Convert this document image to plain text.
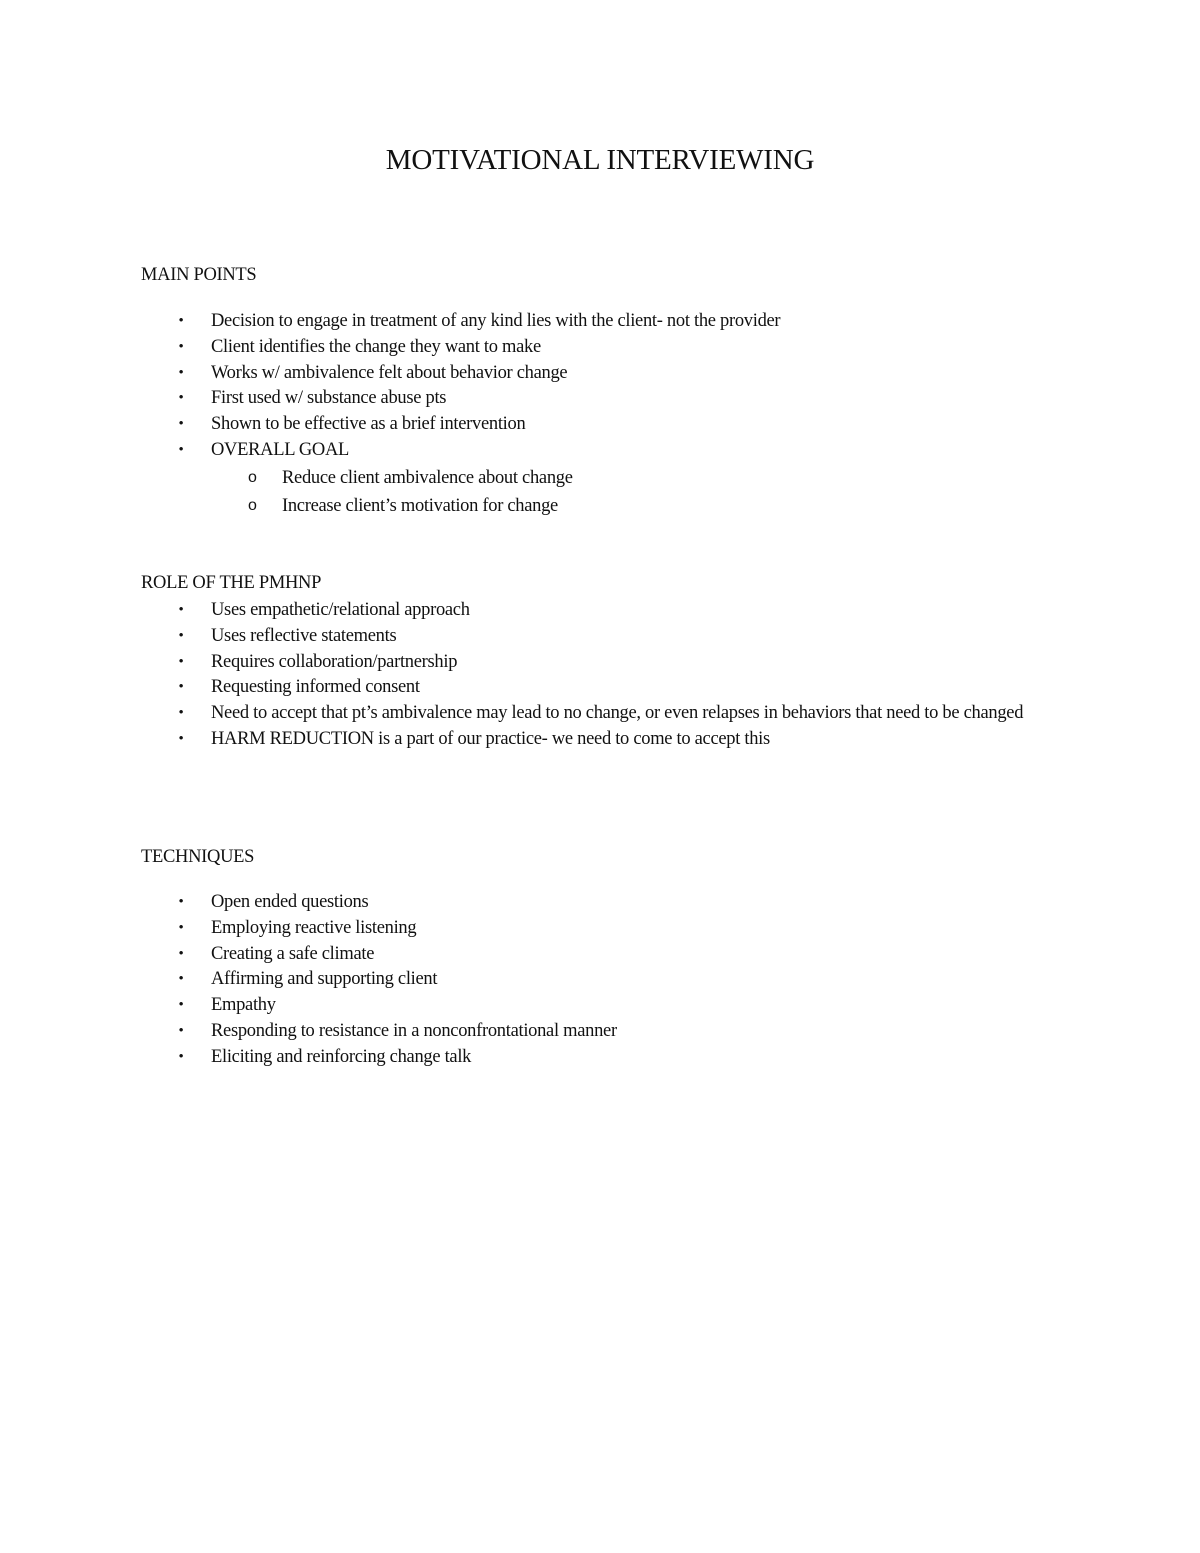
MOTIVATIONAL INTERVIEWING
MAIN POINTS
• Decision to engage in treatment of any kind lies with the client- not the provider
• Client identifies the change they want to make
• Works w/ ambivalence felt about behavior change
• First used w/ substance abuse pts
• Shown to be effective as a brief intervention
• OVERALL GOAL
o Reduce client ambivalence about change
o Increase client’s motivation for change
ROLE OF THE PMHNP
• Uses empathetic/relational approach
• Uses reflective statements
• Requires collaboration/partnership
• Requesting informed consent
• Need to accept that pt’s ambivalence may lead to no change, or even relapses in behaviors that need to be changed
• HARM REDUCTION is a part of our practice- we need to come to accept this
TECHNIQUES
• Open ended questions
• Employing reactive listening
• Creating a safe climate
• Affirming and supporting client
• Empathy
• Responding to resistance in a nonconfrontational manner
• Eliciting and reinforcing change talk
